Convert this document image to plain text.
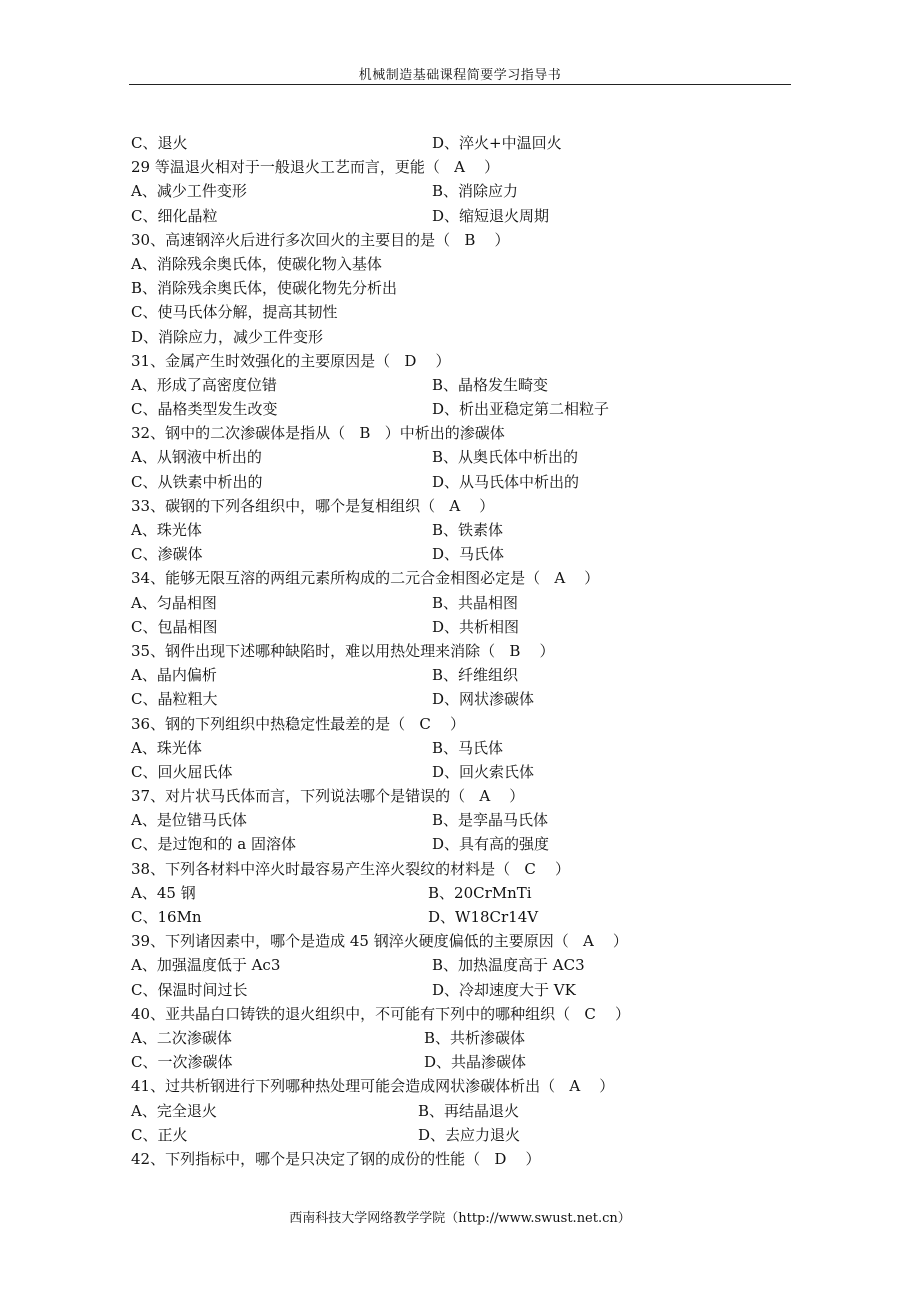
机械制造基础课程简要学习指导书
C、退火	D、淬火+中温回火
29 等温退火相对于一般退火工艺而言，更能（   A    ）
A、减少工件变形	B、消除应力
C、细化晶粒	D、缩短退火周期
30、高速钢淬火后进行多次回火的主要目的是（   B    ）
A、消除残余奥氏体，使碳化物入基体
B、消除残余奥氏体，使碳化物先分析出
C、使马氏体分解，提高其韧性
D、消除应力，减少工件变形
31、金属产生时效强化的主要原因是（   D    ）
A、形成了高密度位错	B、晶格发生畸变
C、晶格类型发生改变	D、析出亚稳定第二相粒子
32、钢中的二次渗碳体是指从（   B   ）中析出的渗碳体
A、从钢液中析出的	B、从奥氏体中析出的
C、从铁素中析出的	D、从马氏体中析出的
33、碳钢的下列各组织中，哪个是复相组织（   A    ）
A、珠光体	B、铁素体
C、渗碳体	D、马氏体
34、能够无限互溶的两组元素所构成的二元合金相图必定是（   A    ）
A、匀晶相图	B、共晶相图
C、包晶相图	D、共析相图
35、钢件出现下述哪种缺陷时，难以用热处理来消除（   B    ）
A、晶内偏析	B、纤维组织
C、晶粒粗大	D、网状渗碳体
36、钢的下列组织中热稳定性最差的是（   C    ）
A、珠光体	B、马氏体
C、回火屈氏体	D、回火索氏体
37、对片状马氏体而言，下列说法哪个是错误的（   A    ）
A、是位错马氏体	B、是孪晶马氏体
C、是过饱和的 a 固溶体	D、具有高的强度
38、下列各材料中淬火时最容易产生淬火裂纹的材料是（   C    ）
A、45 钢	B、20CrMnTi
C、16Mn	D、W18Cr14V
39、下列诸因素中，哪个是造成 45 钢淬火硬度偏低的主要原因（   A    ）
A、加强温度低于 Ac3	B、加热温度高于 AC3
C、保温时间过长	D、冷却速度大于 VK
40、亚共晶白口铸铁的退火组织中，不可能有下列中的哪种组织（   C    ）
A、二次渗碳体	B、共析渗碳体
C、一次渗碳体	D、共晶渗碳体
41、过共析钢进行下列哪种热处理可能会造成网状渗碳体析出（   A    ）
A、完全退火	B、再结晶退火
C、正火	D、去应力退火
42、下列指标中，哪个是只决定了钢的成份的性能（   D    ）
西南科技大学网络教学学院（http://www.swust.net.cn）
